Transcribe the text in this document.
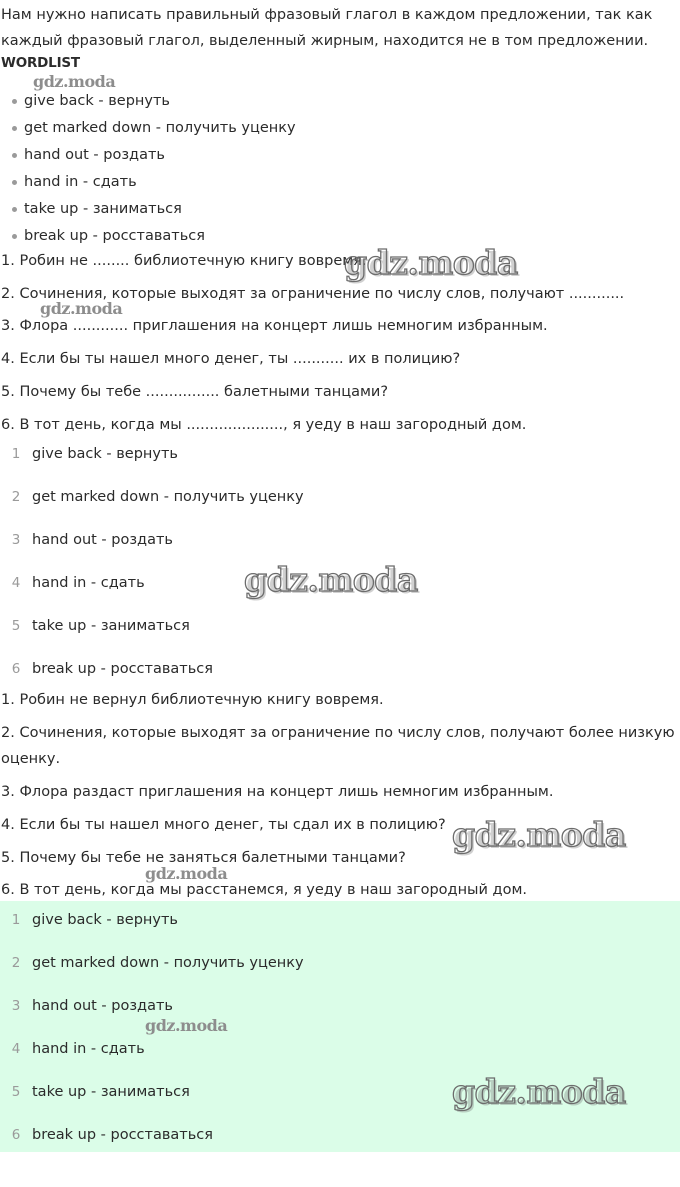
Нам нужно написать правильный фразовый глагол в каждом предложении, так как каждый фразовый глагол, выделенный жирным, находится не в том предложении.
WORDLIST
give back - вернуть
get marked down - получить уценку
hand out - роздать
hand in - сдать
take up - заниматься
break up - росставаться
1. Робин не ........ библиотечную книгу вовремя.
2. Сочинения, которые выходят за ограничение по числу слов, получают ............
3. Флора ............ приглашения на концерт лишь немногим избранным.
4. Если бы ты нашел много денег, ты ........... их в полицию?
5. Почему бы тебе ................ балетными танцами?
6. В тот день, когда мы ....................., я уеду в наш загородный дом.
1 give back - вернуть
2 get marked down - получить уценку
3 hand out - роздать
4 hand in - сдать
5 take up - заниматься
6 break up - росставаться
1. Робин не вернул библиотечную книгу вовремя.
2. Сочинения, которые выходят за ограничение по числу слов, получают более низкую
оценку.
3. Флора раздаст приглашения на концерт лишь немногим избранным.
4. Если бы ты нашел много денег, ты сдал их в полицию?
5. Почему бы тебе не заняться балетными танцами?
6. В тот день, когда мы расстанемся, я уеду в наш загородный дом.
1 give back - вернуть
2 get marked down - получить уценку
3 hand out - роздать
4 hand in - сдать
5 take up - заниматься
6 break up - росставаться
gdz.moda
gdz.moda
gdz.moda
gdz.moda
gdz.moda
gdz.moda
gdz.moda
gdz.moda
